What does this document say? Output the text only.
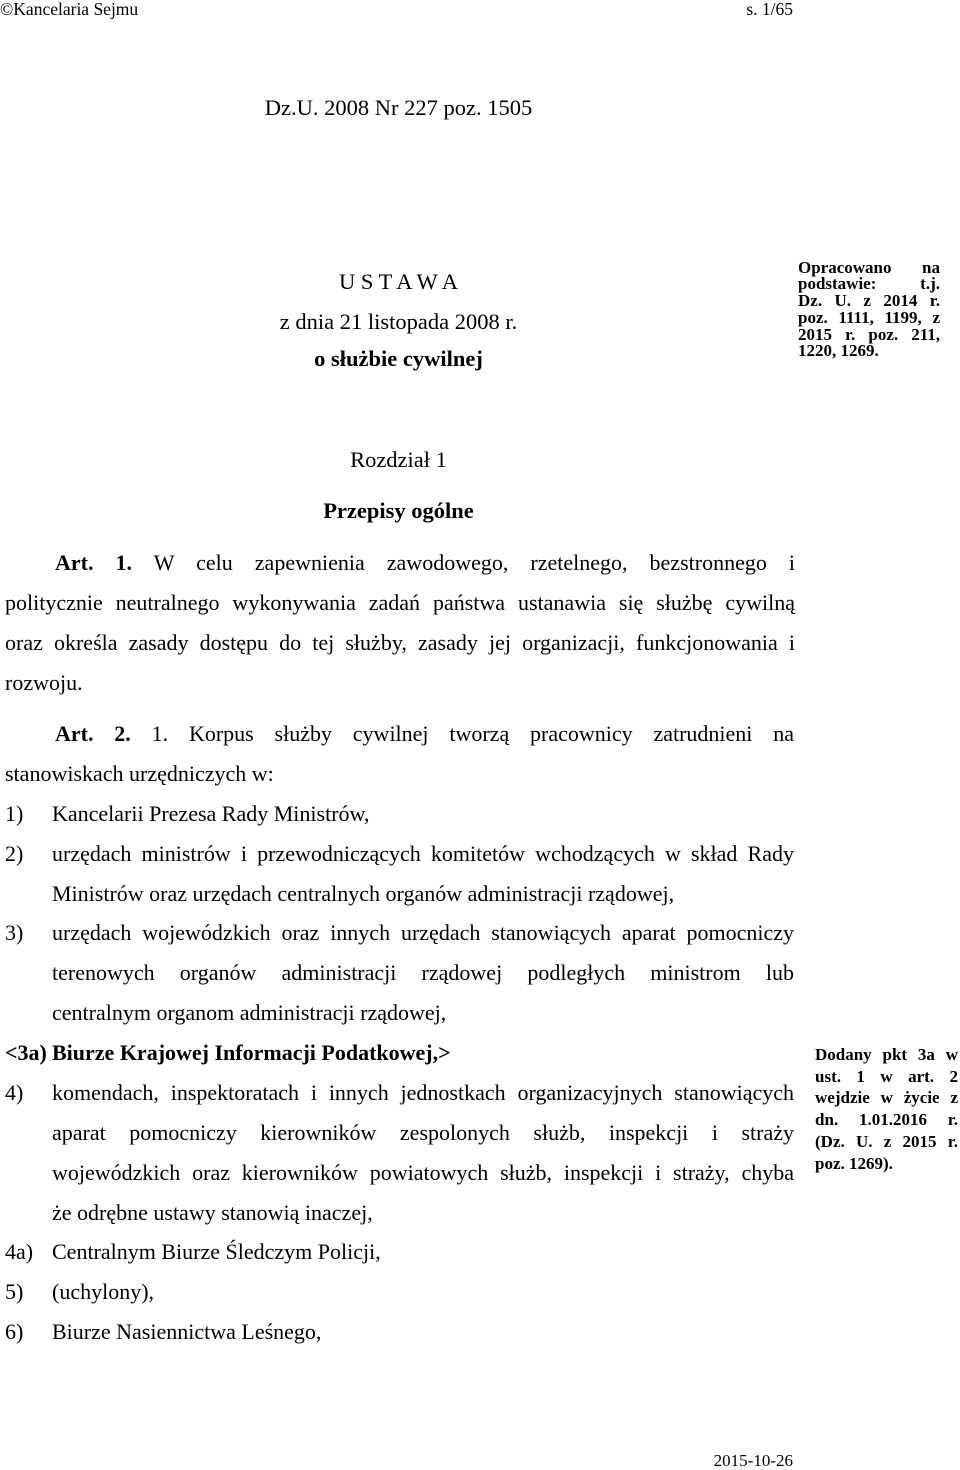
©Kancelaria Sejmu	s. 1/65
Dz.U. 2008 Nr 227 poz. 1505
U S T A W A
z dnia 21 listopada 2008 r.
o służbie cywilnej
Opracowano na
podstawie: t.j.
Dz. U. z 2014 r.
poz. 1111, 1199, z
2015 r. poz. 211,
1220, 1269.
Rozdział 1
Przepisy ogólne
Art. 1. W celu zapewnienia zawodowego, rzetelnego, bezstronnego i
politycznie neutralnego wykonywania zadań państwa ustanawia się służbę cywilną
oraz określa zasady dostępu do tej służby, zasady jej organizacji, funkcjonowania i
rozwoju.
Art. 2. 1. Korpus służby cywilnej tworzą pracownicy zatrudnieni na
stanowiskach urzędniczych w:
1) Kancelarii Prezesa Rady Ministrów,
2) urzędach ministrów i przewodniczących komitetów wchodzących w skład Rady
Ministrów oraz urzędach centralnych organów administracji rządowej,
3) urzędach wojewódzkich oraz innych urzędach stanowiących aparat pomocniczy
terenowych organów administracji rządowej podległych ministrom lub
centralnym organom administracji rządowej,
<3a) Biurze Krajowej Informacji Podatkowej,>
4) komendach, inspektoratach i innych jednostkach organizacyjnych stanowiących
aparat pomocniczy kierowników zespolonych służb, inspekcji i straży
wojewódzkich oraz kierowników powiatowych służb, inspekcji i straży, chyba
że odrębne ustawy stanowią inaczej,
4a) Centralnym Biurze Śledczym Policji,
5) (uchylony),
6) Biurze Nasiennictwa Leśnego,
Dodany pkt 3a w
ust. 1 w art. 2
wejdzie w życie z
dn. 1.01.2016 r.
(Dz. U. z 2015 r.
poz. 1269).
2015-10-26
